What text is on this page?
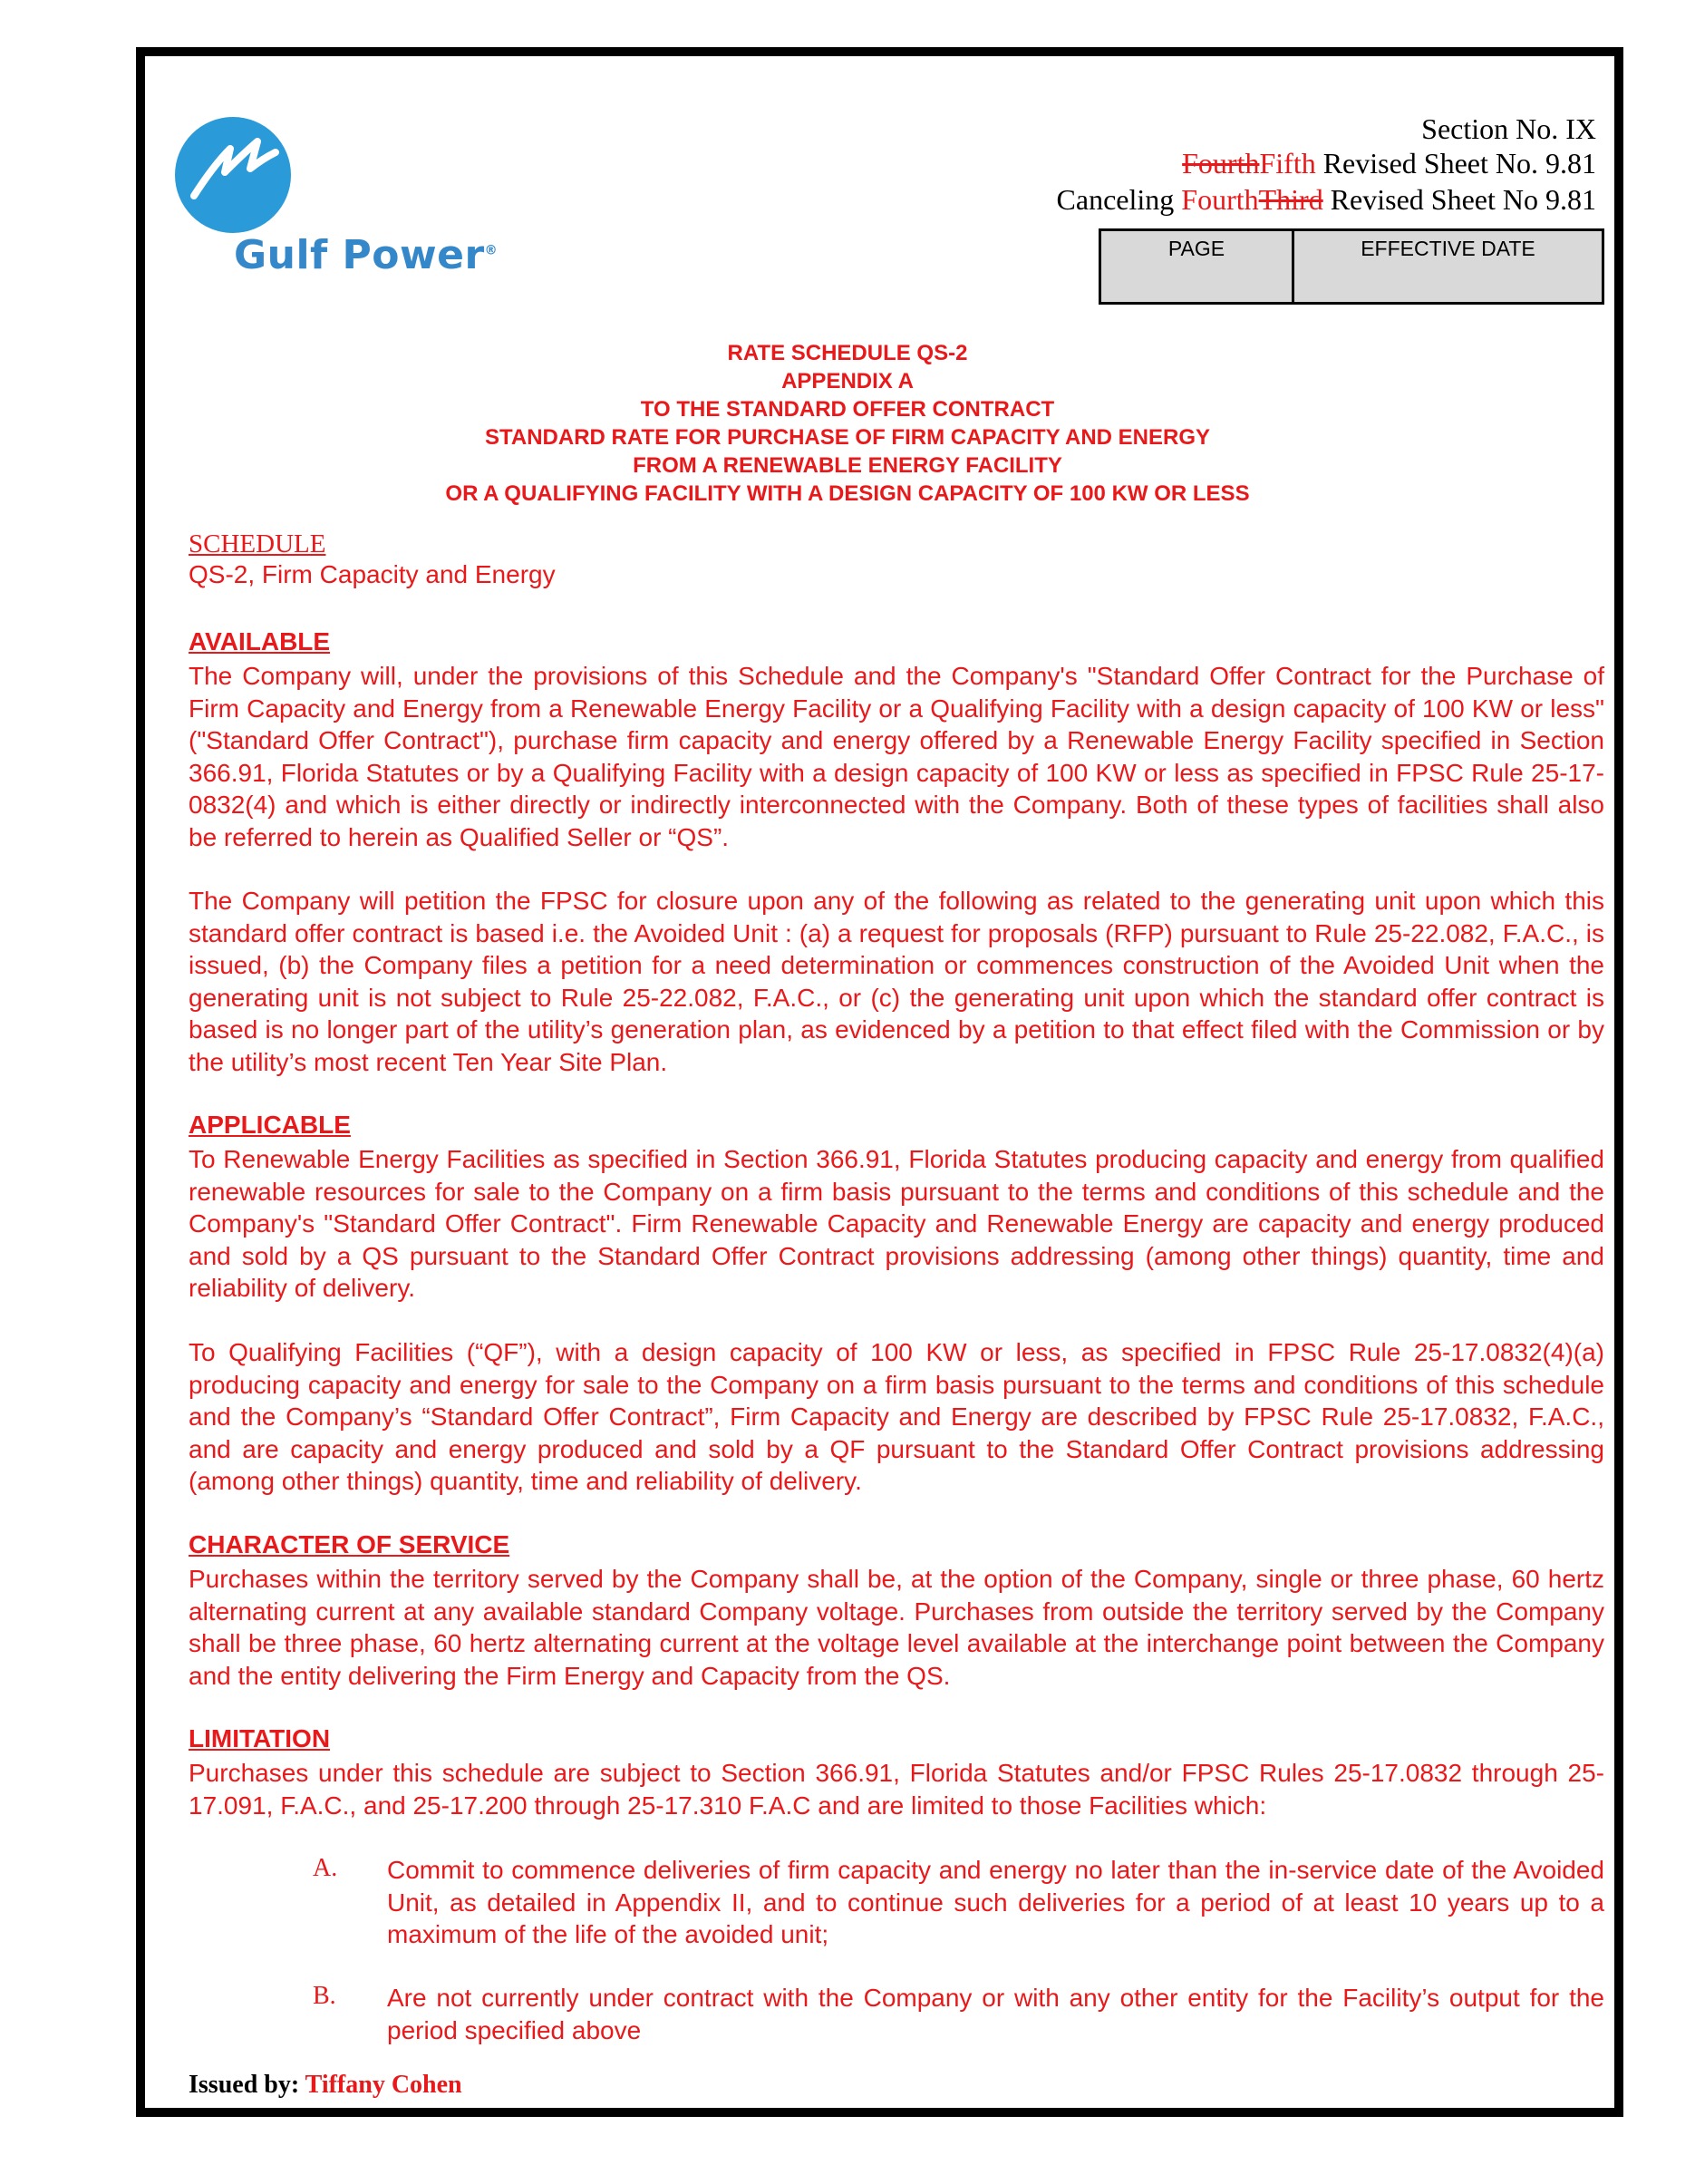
Gulf Power®
Section No. IX
FourthFifth Revised Sheet No. 9.81
Canceling FourthThird Revised Sheet No 9.81
PAGE	EFFECTIVE DATE
RATE SCHEDULE QS-2
APPENDIX A
TO THE STANDARD OFFER CONTRACT
STANDARD RATE FOR PURCHASE OF FIRM CAPACITY AND ENERGY
FROM A RENEWABLE ENERGY FACILITY
OR A QUALIFYING FACILITY WITH A DESIGN CAPACITY OF 100 KW OR LESS
SCHEDULE
QS-2, Firm Capacity and Energy
AVAILABLE

The Company will, under the provisions of this Schedule and the Company's "Standard Offer Contract for the Purchase of Firm Capacity and Energy from a Renewable Energy Facility or a Qualifying Facility with a design capacity of 100 KW or less" ("Standard Offer Contract"), purchase firm capacity and energy offered by a Renewable Energy Facility specified in Section 366.91, Florida Statutes or by a Qualifying Facility with a design capacity of 100 KW or less as specified in FPSC Rule 25-17- 0832(4) and which is either directly or indirectly interconnected with the Company. Both of these types of facilities shall also be referred to herein as Qualified Seller or “QS”.

The Company will petition the FPSC for closure upon any of the following as related to the generating unit upon which this standard offer contract is based i.e. the Avoided Unit : (a) a request for proposals (RFP) pursuant to Rule 25-22.082, F.A.C., is issued, (b) the Company files a petition for a need determination or commences construction of the Avoided Unit when the generating unit is not subject to Rule 25-22.082, F.A.C., or (c) the generating unit upon which the standard offer contract is based is no longer part of the utility’s generation plan, as evidenced by a petition to that effect filed with the Commission or by the utility’s most recent Ten Year Site Plan.

APPLICABLE

To Renewable Energy Facilities as specified in Section 366.91, Florida Statutes producing capacity and energy from qualified renewable resources for sale to the Company on a firm basis pursuant to the terms and conditions of this schedule and the Company's "Standard Offer Contract". Firm Renewable Capacity and Renewable Energy are capacity and energy produced and sold by a QS pursuant to the Standard Offer Contract provisions addressing (among other things) quantity, time and reliability of delivery.

To Qualifying Facilities (“QF”), with a design capacity of 100 KW or less, as specified in FPSC Rule 25-17.0832(4)(a) producing capacity and energy for sale to the Company on a firm basis pursuant to the terms and conditions of this schedule and the Company’s “Standard Offer Contract”, Firm Capacity and Energy are described by FPSC Rule 25-17.0832, F.A.C., and are capacity and energy produced and sold by a QF pursuant to the Standard Offer Contract provisions addressing (among other things) quantity, time and reliability of delivery.

CHARACTER OF SERVICE

Purchases within the territory served by the Company shall be, at the option of the Company, single or three phase, 60 hertz alternating current at any available standard Company voltage. Purchases from outside the territory served by the Company shall be three phase, 60 hertz alternating current at the voltage level available at the interchange point between the Company and the entity delivering the Firm Energy and Capacity from the QS.

LIMITATION

Purchases under this schedule are subject to Section 366.91, Florida Statutes and/or FPSC Rules 25-17.0832 through 25-17.091, F.A.C., and 25-17.200 through 25-17.310 F.A.C and are limited to those Facilities which:

A. Commit to commence deliveries of firm capacity and energy no later than the in-service date of the Avoided Unit, as detailed in Appendix II, and to continue such deliveries for a period of at least 10 years up to a maximum of the life of the avoided unit;

B. Are not currently under contract with the Company or with any other entity for the Facility’s output for the period specified above

Issued by: Tiffany Cohen
